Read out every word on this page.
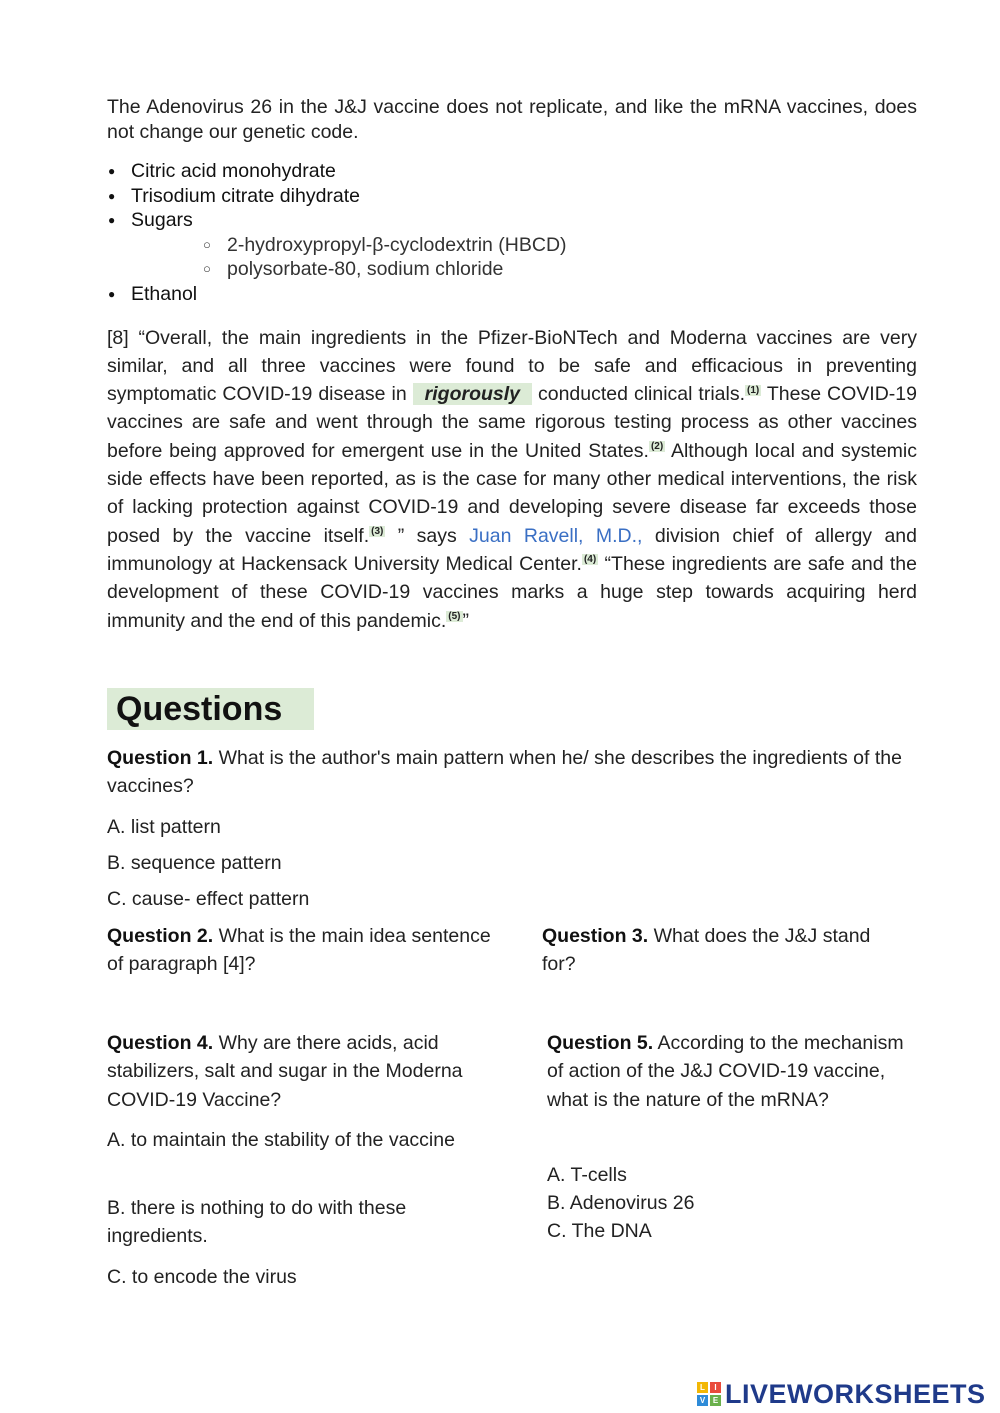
The Adenovirus 26 in the J&J vaccine does not replicate, and like the mRNA vaccines, does not change our genetic code.

● Citric acid monohydrate
● Trisodium citrate dihydrate
● Sugars
○ 2-hydroxypropyl-β-cyclodextrin (HBCD)
○ polysorbate-80, sodium chloride
● Ethanol

[8] “Overall, the main ingredients in the Pfizer-BioNTech and Moderna vaccines are very similar, and all three vaccines were found to be safe and efficacious in preventing symptomatic COVID-19 disease in rigorously conducted clinical trials. $^{(1)}$ These COVID-19 vaccines are safe and went through the same rigorous testing process as other vaccines before being approved for emergent use in the United States. $^{(2)}$ Although local and systemic side effects have been reported, as is the case for many other medical interventions, the risk of lacking protection against COVID-19 and developing severe disease far exceeds those posed by the vaccine itself. $^{(3)}$ ” says Juan Ravell, M.D., division chief of allergy and immunology at Hackensack University Medical Center. $^{(4)}$ “These ingredients are safe and the development of these COVID-19 vaccines marks a huge step towards acquiring herd immunity and the end of this pandemic. $^{(5)}$ ”

Questions
Question 1. What is the author's main pattern when he/ she describes the ingredients of the vaccines?
A. list pattern
B. sequence pattern
C. cause- effect pattern
Question 2. What is the main idea sentence of paragraph [4]?
Question 3. What does the J&J stand for?
Question 4. Why are there acids, acid stabilizers, salt and sugar in the Moderna COVID-19 Vaccine?
A. to maintain the stability of the vaccine
B. there is nothing to do with these ingredients.
C. to encode the virus
Question 5. According to the mechanism of action of the J&J COVID-19 vaccine, what is the nature of the mRNA?
A. T-cells
B. Adenovirus 26
C. The DNA
L	I
V E LIVEWORKSHEETS
